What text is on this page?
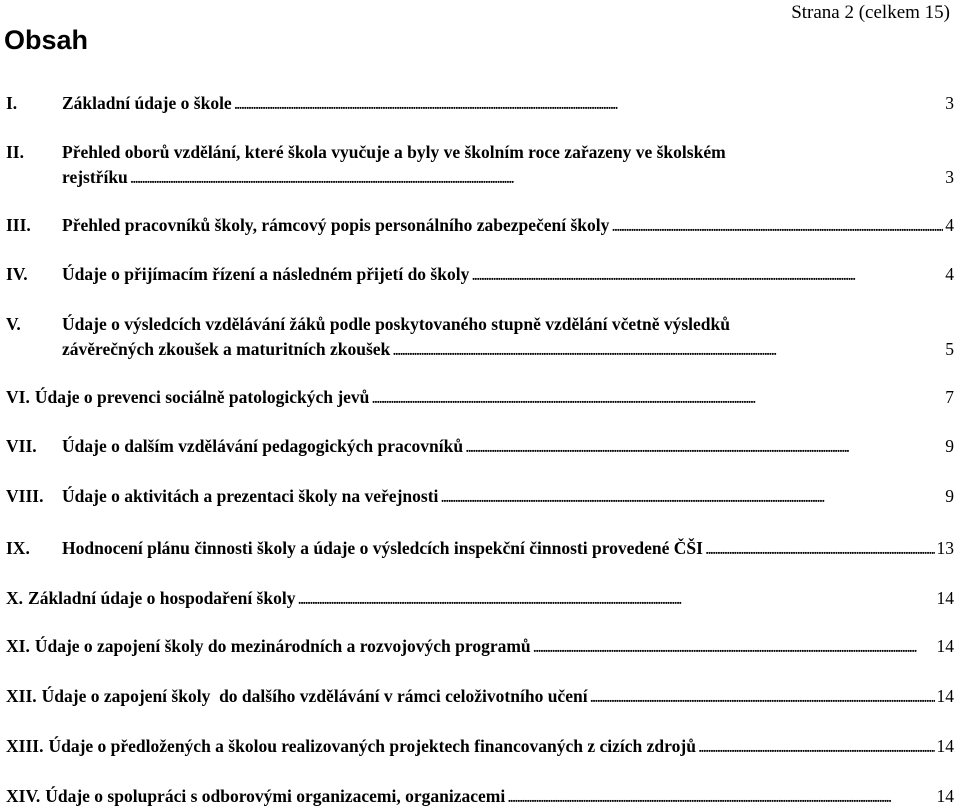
Strana 2 (celkem 15)
Obsah
I.	Základní údaje o škole . . .	3
II.	Přehled oborů vzdělání, které škola vyučuje a byly ve školním roce zařazeny ve školském
rejstříku . . .	3
III.	Přehled pracovníků školy, rámcový popis personálního zabezpečení školy . . .	4
IV.	Údaje o přijímacím řízení a následném přijetí do školy . . .	4
V.	Údaje o výsledcích vzdělávání žáků podle poskytovaného stupně vzdělání včetně výsledků
závěrečných zkoušek a maturitních zkoušek . . .	5
VI. Údaje o prevenci sociálně patologických jevů . . .	7
VII.	Údaje o dalším vzdělávání pedagogických pracovníků . . .	9
VIII.	Údaje o aktivitách a prezentaci školy na veřejnosti . . .	9
IX.	Hodnocení plánu činnosti školy a údaje o výsledcích inspekční činnosti provedené ČŠI . . .	13
X. Základní údaje o hospodaření školy . . .	14
XI. Údaje o zapojení školy do mezinárodních a rozvojových programů . . .	14
XII. Údaje o zapojení školy  do dalšího vzdělávání v rámci celoživotního učení . . .	14
XIII. Údaje o předložených a školou realizovaných projektech financovaných z cizích zdrojů . . .	14
XIV. Údaje o spolupráci s odborovými organizacemi, organizacemi . . .	14
